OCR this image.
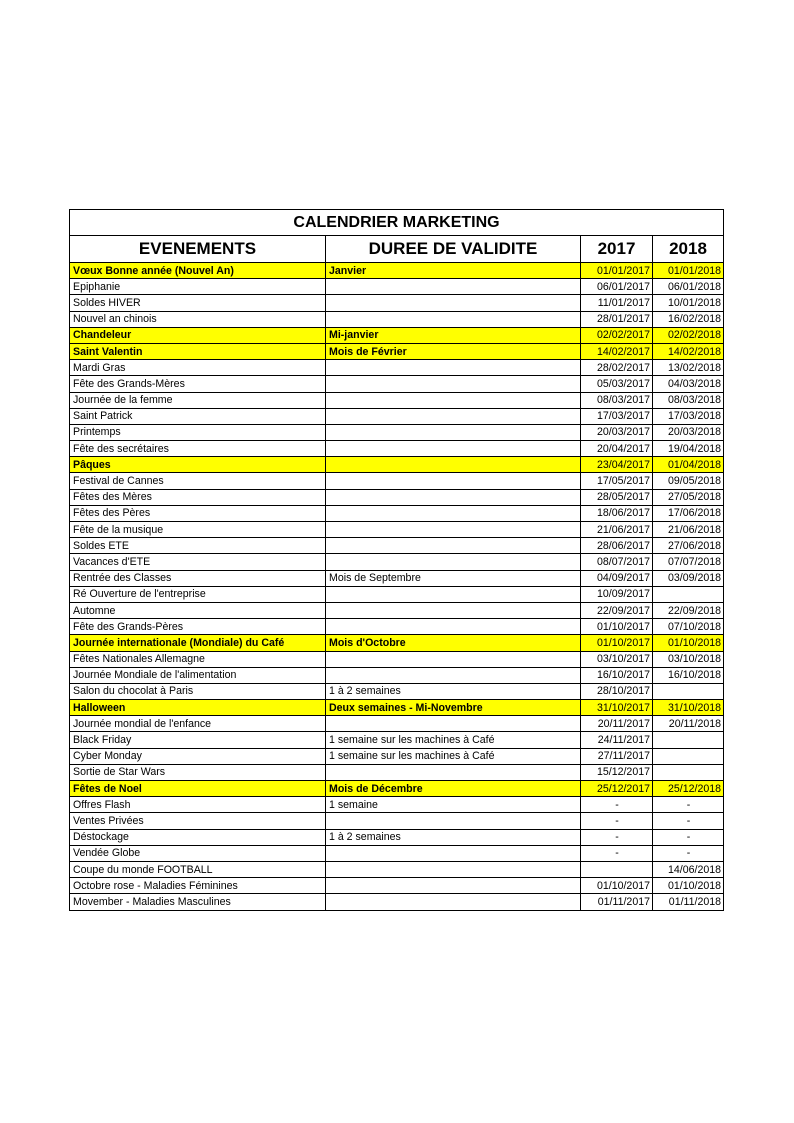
CALENDRIER MARKETING			
EVENEMENTS	DUREE DE VALIDITE	2017	2018
Vœux Bonne année (Nouvel An)	Janvier	01/01/2017	01/01/2018
Epiphanie		06/01/2017	06/01/2018
Soldes HIVER		11/01/2017	10/01/2018
Nouvel an chinois		28/01/2017	16/02/2018
Chandeleur	Mi-janvier	02/02/2017	02/02/2018
Saint Valentin	Mois de Février	14/02/2017	14/02/2018
Mardi Gras		28/02/2017	13/02/2018
Fête des Grands-Mères		05/03/2017	04/03/2018
Journée de la femme		08/03/2017	08/03/2018
Saint Patrick		17/03/2017	17/03/2018
Printemps		20/03/2017	20/03/2018
Fête des secrétaires		20/04/2017	19/04/2018
Pâques		23/04/2017	01/04/2018
Festival de Cannes		17/05/2017	09/05/2018
Fêtes des Mères		28/05/2017	27/05/2018
Fêtes des Pères		18/06/2017	17/06/2018
Fête de la musique		21/06/2017	21/06/2018
Soldes ETE		28/06/2017	27/06/2018
Vacances d'ETE		08/07/2017	07/07/2018
Rentrée des Classes	Mois de Septembre	04/09/2017	03/09/2018
Ré Ouverture de l'entreprise		10/09/2017	
Automne		22/09/2017	22/09/2018
Fête des Grands-Pères		01/10/2017	07/10/2018
Journée internationale (Mondiale) du Café	Mois d'Octobre	01/10/2017	01/10/2018
Fêtes Nationales Allemagne		03/10/2017	03/10/2018
Journée Mondiale de l'alimentation		16/10/2017	16/10/2018
Salon du chocolat à Paris	1 à 2 semaines	28/10/2017	
Halloween	Deux semaines - Mi-Novembre	31/10/2017	31/10/2018
Journée mondial de l'enfance		20/11/2017	20/11/2018
Black Friday	1 semaine sur les machines à Café	24/11/2017	
Cyber Monday	1 semaine sur les machines à Café	27/11/2017	
Sortie de Star Wars		15/12/2017	
Fêtes de Noel	Mois de Décembre	25/12/2017	25/12/2018
Offres Flash	1 semaine	-	-
Ventes Privées		-	-
Déstockage	1 à 2 semaines	-	-
Vendée Globe		-	-
Coupe du monde FOOTBALL			14/06/2018
Octobre rose - Maladies Féminines		01/10/2017	01/10/2018
Movember - Maladies Masculines		01/11/2017	01/11/2018
